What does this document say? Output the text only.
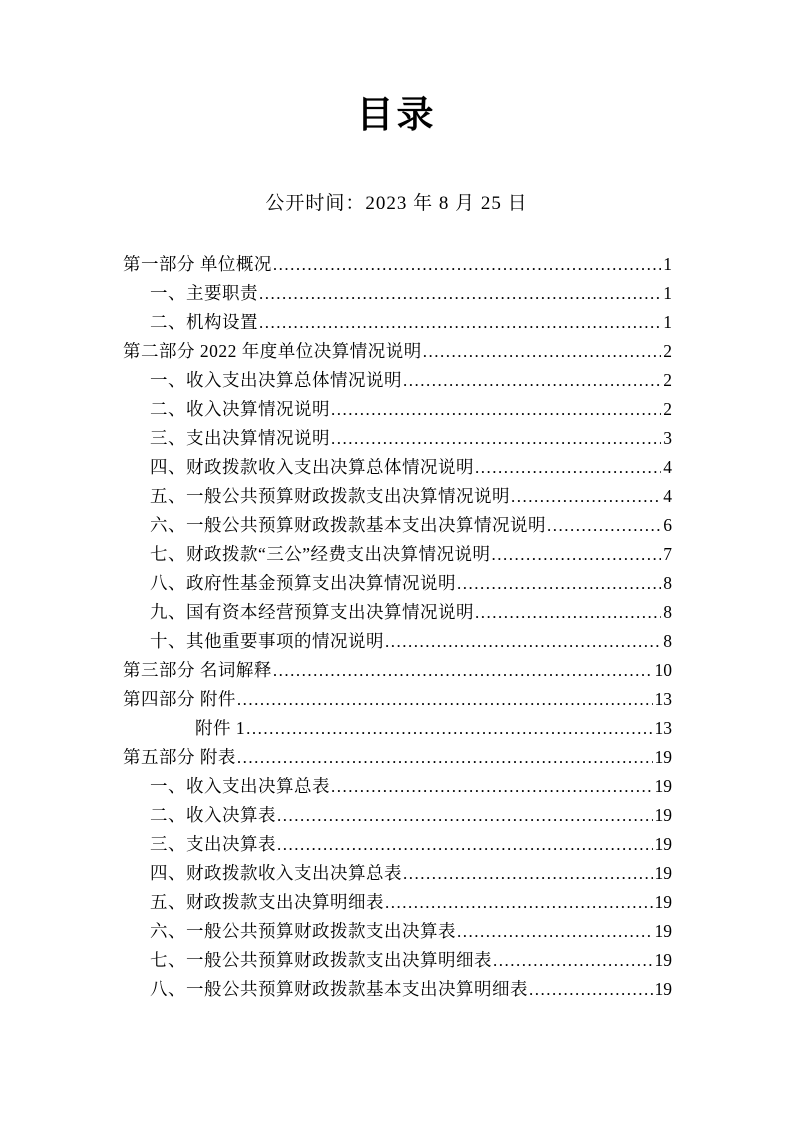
目录

公开时间：2023 年 8 月 25 日

第一部分 单位概况 .....	1
一、主要职责 .....	1
二、机构设置 .....	1
第二部分 2022 年度单位决算情况说明 .....	2
一、收入支出决算总体情况说明 .....	2
二、收入决算情况说明 .....	2
三、支出决算情况说明 .....	3
四、财政拨款收入支出决算总体情况说明 .....	4
五、一般公共预算财政拨款支出决算情况说明 .....	4
六、一般公共预算财政拨款基本支出决算情况说明 .....	6
七、财政拨款“三公”经费支出决算情况说明 .....	7
八、政府性基金预算支出决算情况说明 .....	8
九、国有资本经营预算支出决算情况说明 .....	8
十、其他重要事项的情况说明 .....	8
第三部分 名词解释 .....	10
第四部分 附件 .....	13
附件 1 .....	13
第五部分 附表 .....	19
一、收入支出决算总表 .....	19
二、收入决算表 .....	19
三、支出决算表 .....	19
四、财政拨款收入支出决算总表 .....	19
五、财政拨款支出决算明细表 .....	19
六、一般公共预算财政拨款支出决算表 .....	19
七、一般公共预算财政拨款支出决算明细表 .....	19
八、一般公共预算财政拨款基本支出决算明细表 .....	19
